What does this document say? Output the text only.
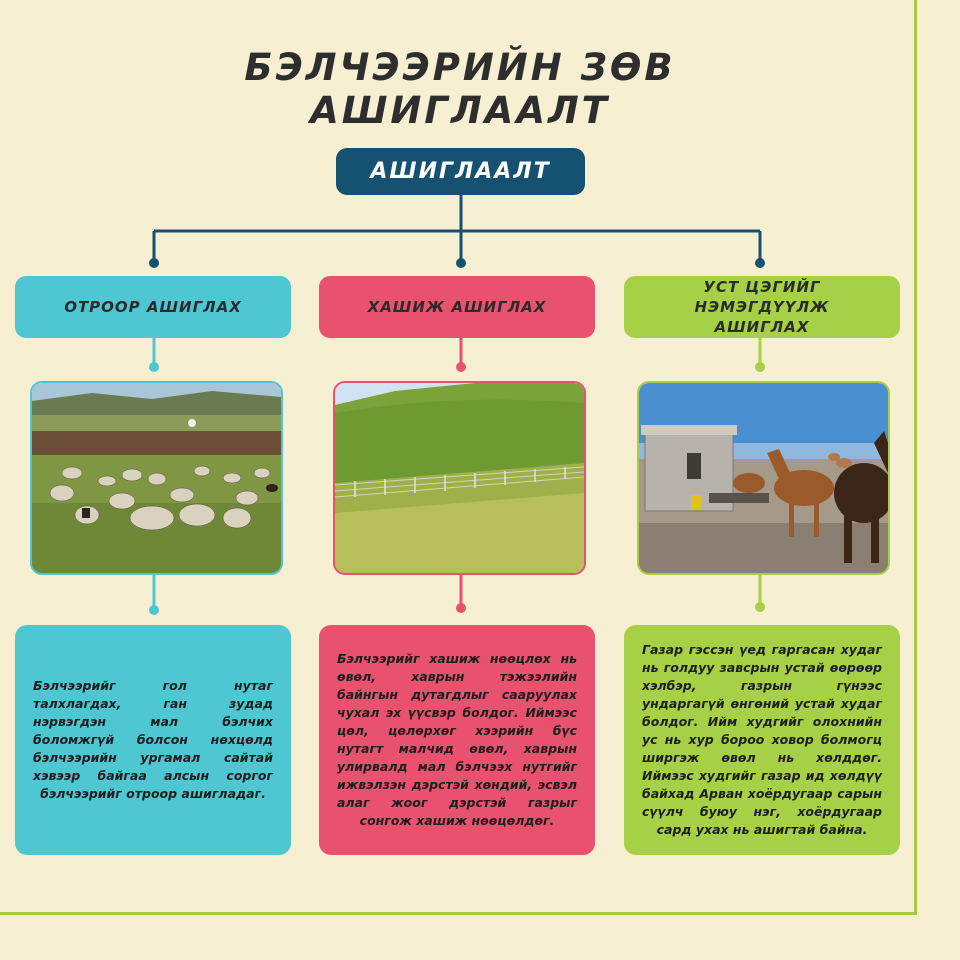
БЭЛЧЭЭРИЙН ЗӨВ АШИГЛААЛТ
АШИГЛААЛТ
ОТРООР АШИГЛАХ	ХАШИЖ АШИГЛАХ
УСТ ЦЭГИЙГ НЭМЭГДҮҮЛЖ АШИГЛАХ

Бэлчээрийг гол нутаг талхлагдах, ган зудад нэрвэгдэн мал бэлчих боломжгүй болсон нөхцөлд бэлчээрийн ургамал сайтай хэвээр байгаа алсын соргог бэлчээрийг отроор ашигладаг.

Бэлчээрийг хашиж нөөцлөх нь өвөл, хаврын тэжээлийн байнгын дутагдлыг сааруулах чухал эх үүсвэр болдог. Иймээс цөл, цөлөрхөг хээрийн бүс нутагт малчид өвөл, хаврын улирвалд мал бэлчээх нутгийг ижвэлзэн дэрстэй хөндий, эсвэл алаг жоог дэрстэй газрыг сонгож хашиж нөөцөлдөг.

Газар гэссэн үед гаргасан худаг нь голдуу завсрын устай өөрөөр хэлбэр, газрын гүнээс ундаргагүй өнгөний устай худаг болдог. Ийм худгийг олохнийн ус нь хур бороо ховор болмогц ширгэж өвөл нь хөлддөг. Иймээс худгийг газар ид хөлдүү байхад Арван хоёрдугаар сарын сүүлч буюу нэг, хоёрдугаар сард ухах нь ашигтай байна.
